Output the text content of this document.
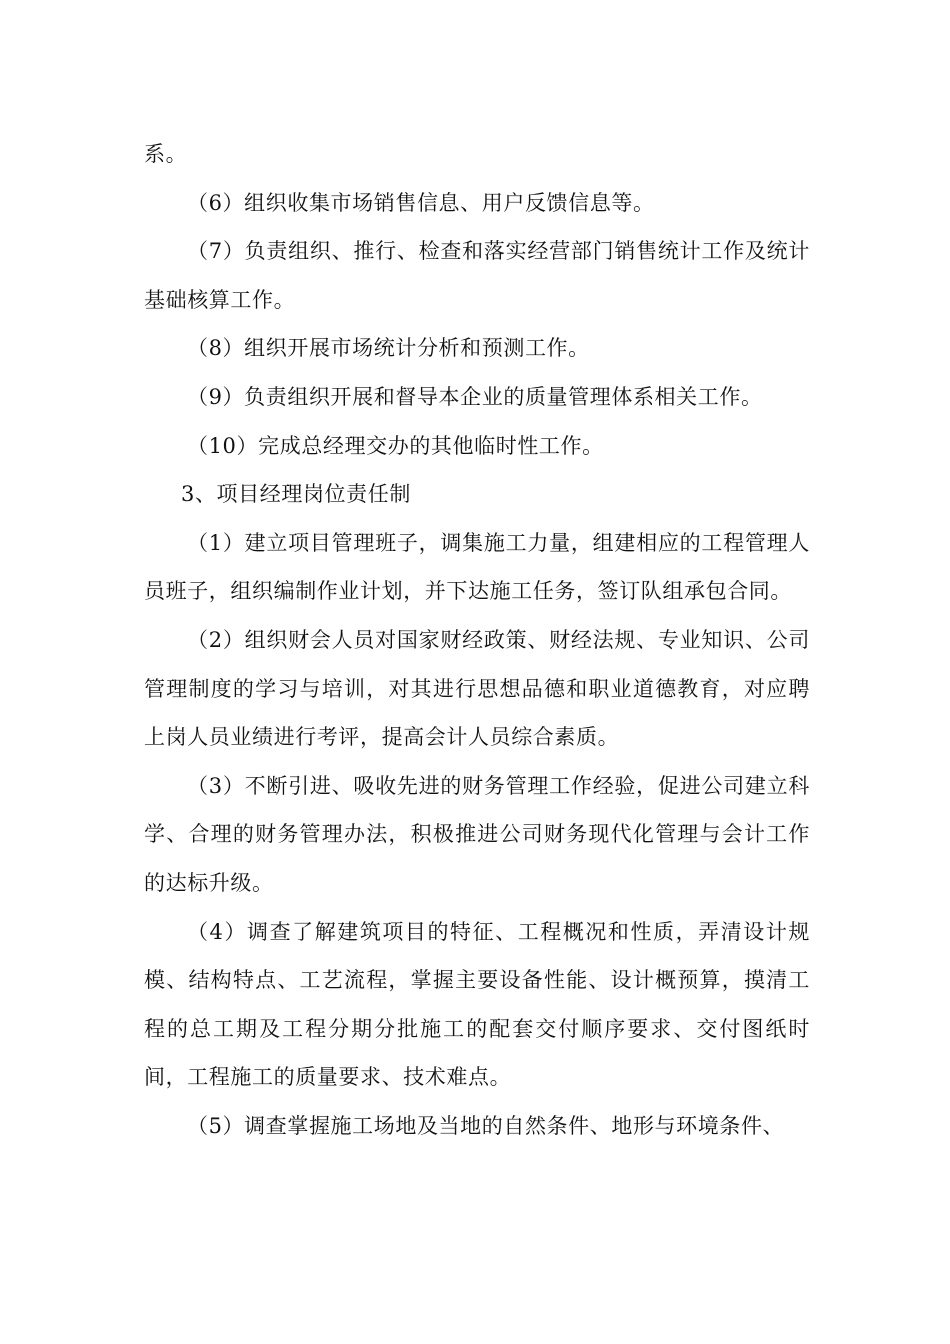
系。

（6）组织收集市场销售信息、用户反馈信息等。

（7）负责组织、推行、检查和落实经营部门销售统计工作及统计基础核算工作。

（8）组织开展市场统计分析和预测工作。

（9）负责组织开展和督导本企业的质量管理体系相关工作。

（10）完成总经理交办的其他临时性工作。

3、项目经理岗位责任制

（1）建立项目管理班子，调集施工力量，组建相应的工程管理人员班子，组织编制作业计划，并下达施工任务，签订队组承包合同。

（2）组织财会人员对国家财经政策、财经法规、专业知识、公司管理制度的学习与培训，对其进行思想品德和职业道德教育，对应聘上岗人员业绩进行考评，提高会计人员综合素质。

（3）不断引进、吸收先进的财务管理工作经验，促进公司建立科学、合理的财务管理办法，积极推进公司财务现代化管理与会计工作的达标升级。

（4）调查了解建筑项目的特征、工程概况和性质，弄清设计规模、结构特点、工艺流程，掌握主要设备性能、设计概预算，摸清工程的总工期及工程分期分批施工的配套交付顺序要求、交付图纸时间，工程施工的质量要求、技术难点。

（5）调查掌握施工场地及当地的自然条件、地形与环境条件、
